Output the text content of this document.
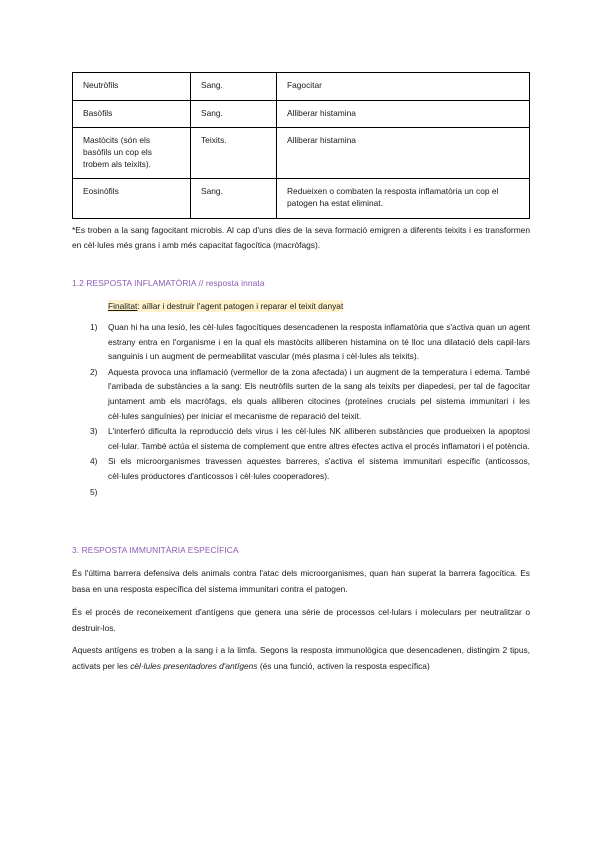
Neutròfils	Sang.	Fagocitar
Basòfils	Sang.	Alliberar histamina
Mastòcits (són els basòfils un cop els trobem als teixits).	Teixits.	Alliberar histamina
Eosinòfils	Sang.	Redueixen o combaten la resposta inflamatòria un cop el patogen ha estat eliminat.
*Es troben a la sang fagocitant microbis. Al cap d'uns dies de la seva formació emigren a diferents teixits i es transformen en cèl·lules més grans i amb més capacitat fagocítica (macròfags).
1.2 RESPOSTA INFLAMATÒRIA // resposta innata
Finalitat: aïllar i destruir l'agent patogen i reparar el teixit danyat
1) Quan hi ha una lesió, les cèl·lules fagocítiques desencadenen la resposta inflamatòria que s'activa quan un agent estrany entra en l'organisme i en la qual els mastòcits alliberen histamina on té lloc una dilatació dels capil·lars sanguinis i un augment de permeabilitat vascular (més plasma i cèl·lules als teixits).
2) Aquesta provoca una inflamació (vermellor de la zona afectada) i un augment de la temperatura i edema. També l'arribada de substàncies a la sang: Els neutròfils surten de la sang als teixits per diapedesi, per tal de fagocitar juntament amb els macròfags, els quals alliberen citocines (proteïnes crucials pel sistema immunitari i les cèl·lules sanguínies) per iniciar el mecanisme de reparació del teixit.
3) L'interferó dificulta la reproducció dels virus i les cèl·lules NK alliberen substàncies que produeixen la apoptosi cel·lular. També actúa el sistema de complement que entre altres efectes activa el procés inflamatori i el potència.
4) Si els microorganismes travessen aquestes barreres, s'activa el sistema immunitari específic (anticossos, cèl·lules productores d'anticossos i cèl·lules cooperadores).
5)

3. RESPOSTA IMMUNITÀRIA ESPECÍFICA
És l'última barrera defensiva dels animals contra l'atac dels microorganismes, quan han superat la barrera fagocítica. Es basa en una resposta específica del sistema immunitari contra el patogen.
És el procés de reconeixement d'antígens que genera una sèrie de processos cel·lulars i moleculars per neutralitzar o destruir-los.
Aquests antígens es troben a la sang i a la limfa. Segons la resposta immunològica que desencadenen, distingim 2 tipus, activats per les cèl·lules presentadores d'antígens (és una funció, activen la resposta específica)
